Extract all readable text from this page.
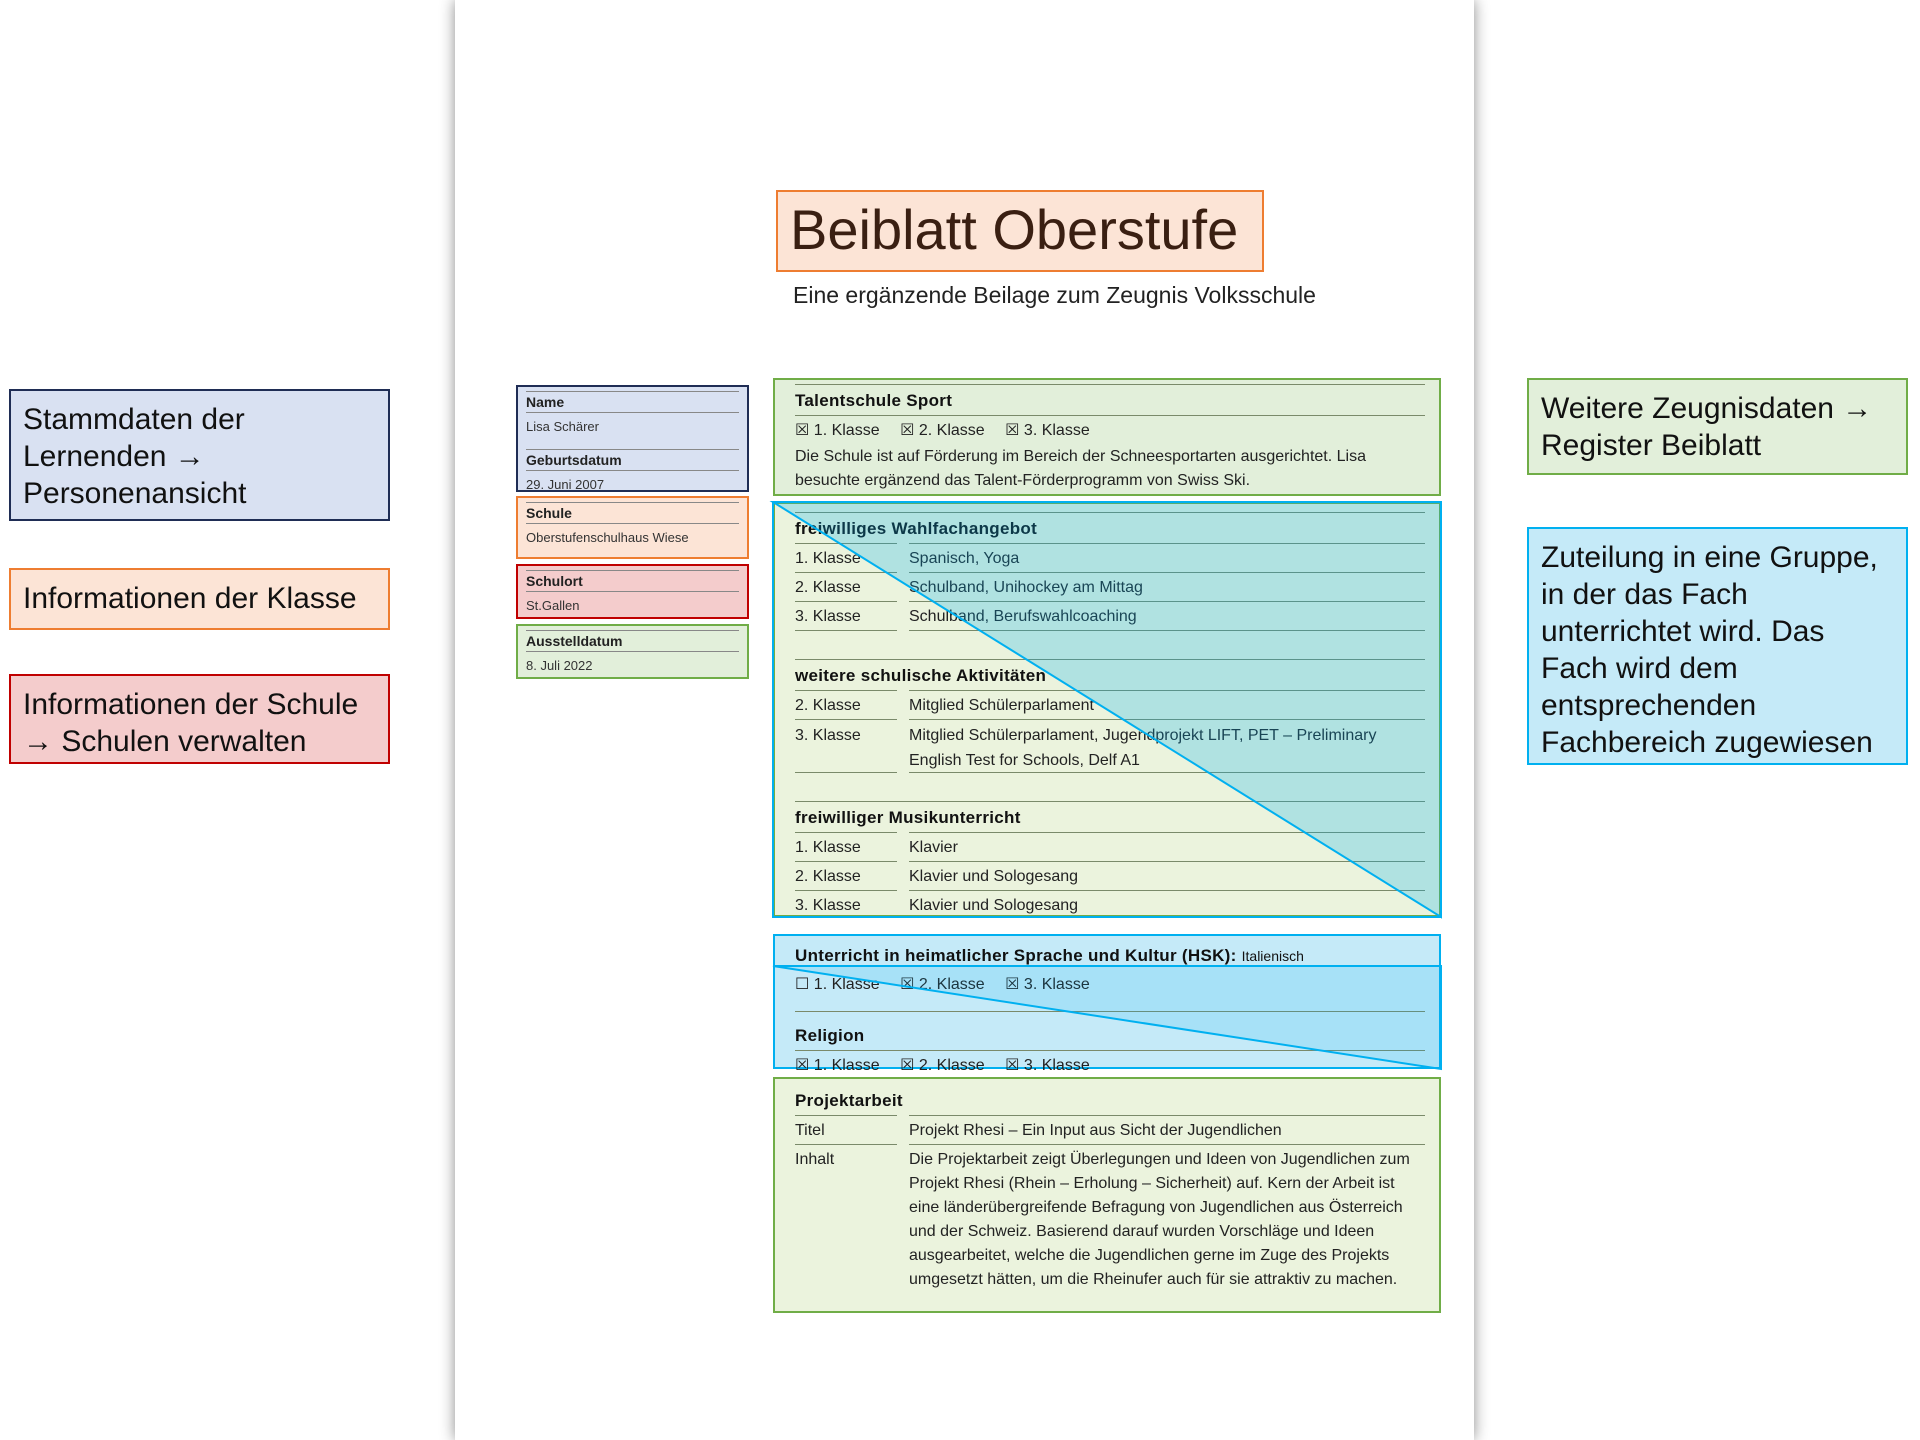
Stammdaten der Lernenden → Personenansicht
Informationen der Klasse
Informationen der Schule → Schulen verwalten
Weitere Zeugnisdaten → Register Beiblatt
Zuteilung in eine Gruppe, in der das Fach unterrichtet wird. Das Fach wird dem entsprechenden Fachbereich zugewiesen
Beiblatt Oberstufe
Eine ergänzende Beilage zum Zeugnis Volksschule
Name
Lisa Schärer
Geburtsdatum
29. Juni 2007
Schule
Oberstufenschulhaus Wiese
Schulort
St.Gallen
Ausstelldatum
8. Juli 2022
Talentschule Sport
☒ 1. Klasse ☒ 2. Klasse ☒ 3. Klasse
Die Schule ist auf Förderung im Bereich der Schneesportarten ausgerichtet. Lisa besuchte ergänzend das Talent-Förderprogramm von Swiss Ski.
freiwilliges Wahlfachangebot
1. Klasse	Spanisch, Yoga
2. Klasse	Schulband, Unihockey am Mittag
3. Klasse	Schulband, Berufswahlcoaching
weitere schulische Aktivitäten
2. Klasse	Mitglied Schülerparlament
3. Klasse	Mitglied Schülerparlament, Jugendprojekt LIFT, PET – Preliminary English Test for Schools, Delf A1
freiwilliger Musikunterricht
1. Klasse	Klavier
2. Klasse	Klavier und Sologesang
3. Klasse	Klavier und Sologesang
Unterricht in heimatlicher Sprache und Kultur (HSK): Italienisch
☐ 1. Klasse ☒ 2. Klasse ☒ 3. Klasse
Religion
☒ 1. Klasse ☒ 2. Klasse ☒ 3. Klasse
Projektarbeit
Titel	Projekt Rhesi – Ein Input aus Sicht der Jugendlichen
Inhalt	Die Projektarbeit zeigt Überlegungen und Ideen von Jugendlichen zum Projekt Rhesi (Rhein – Erholung – Sicherheit) auf. Kern der Arbeit ist eine länderübergreifende Befragung von Jugendlichen aus Österreich und der Schweiz. Basierend darauf wurden Vorschläge und Ideen ausgearbeitet, welche die Jugendlichen gerne im Zuge des Projekts umgesetzt hätten, um die Rheinufer auch für sie attraktiv zu machen.
